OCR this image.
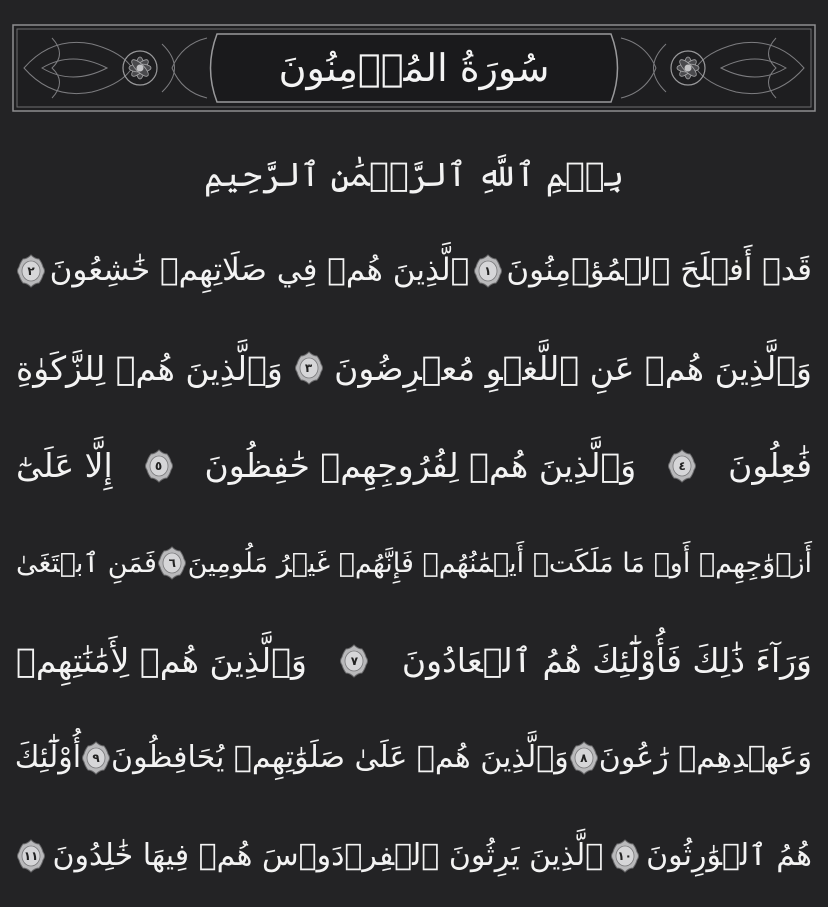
سُورَةُ المُؤۡمِنُونَ
بِسۡمِ ٱللَّهِ ٱلرَّحۡمَٰنِ ٱلرَّحِيمِ
قَدۡ أَفۡلَحَ ٱلۡمُؤۡمِنُونَ
١
ٱلَّذِينَ هُمۡ فِي صَلَاتِهِمۡ خَٰشِعُونَ
٢
وَٱلَّذِينَ هُمۡ عَنِ ٱللَّغۡوِ مُعۡرِضُونَ
٣
وَٱلَّذِينَ هُمۡ لِلزَّكَوٰةِ
فَٰعِلُونَ
٤
وَٱلَّذِينَ هُمۡ لِفُرُوجِهِمۡ حَٰفِظُونَ
٥
إِلَّا عَلَىٰٓ
أَزۡوَٰجِهِمۡ أَوۡ مَا مَلَكَتۡ أَيۡمَٰنُهُمۡ فَإِنَّهُمۡ غَيۡرُ مَلُومِينَ
٦
فَمَنِ ٱبۡتَغَىٰ
وَرَآءَ ذَٰلِكَ فَأُوْلَٰٓئِكَ هُمُ ٱلۡعَادُونَ
٧
وَٱلَّذِينَ هُمۡ لِأَمَٰنَٰتِهِمۡ
وَعَهۡدِهِمۡ رَٰعُونَ
٨
وَٱلَّذِينَ هُمۡ عَلَىٰ صَلَوَٰتِهِمۡ يُحَافِظُونَ
٩
أُوْلَٰٓئِكَ
هُمُ ٱلۡوَٰرِثُونَ
١٠
ٱلَّذِينَ يَرِثُونَ ٱلۡفِرۡدَوۡسَ هُمۡ فِيهَا خَٰلِدُونَ
١١
